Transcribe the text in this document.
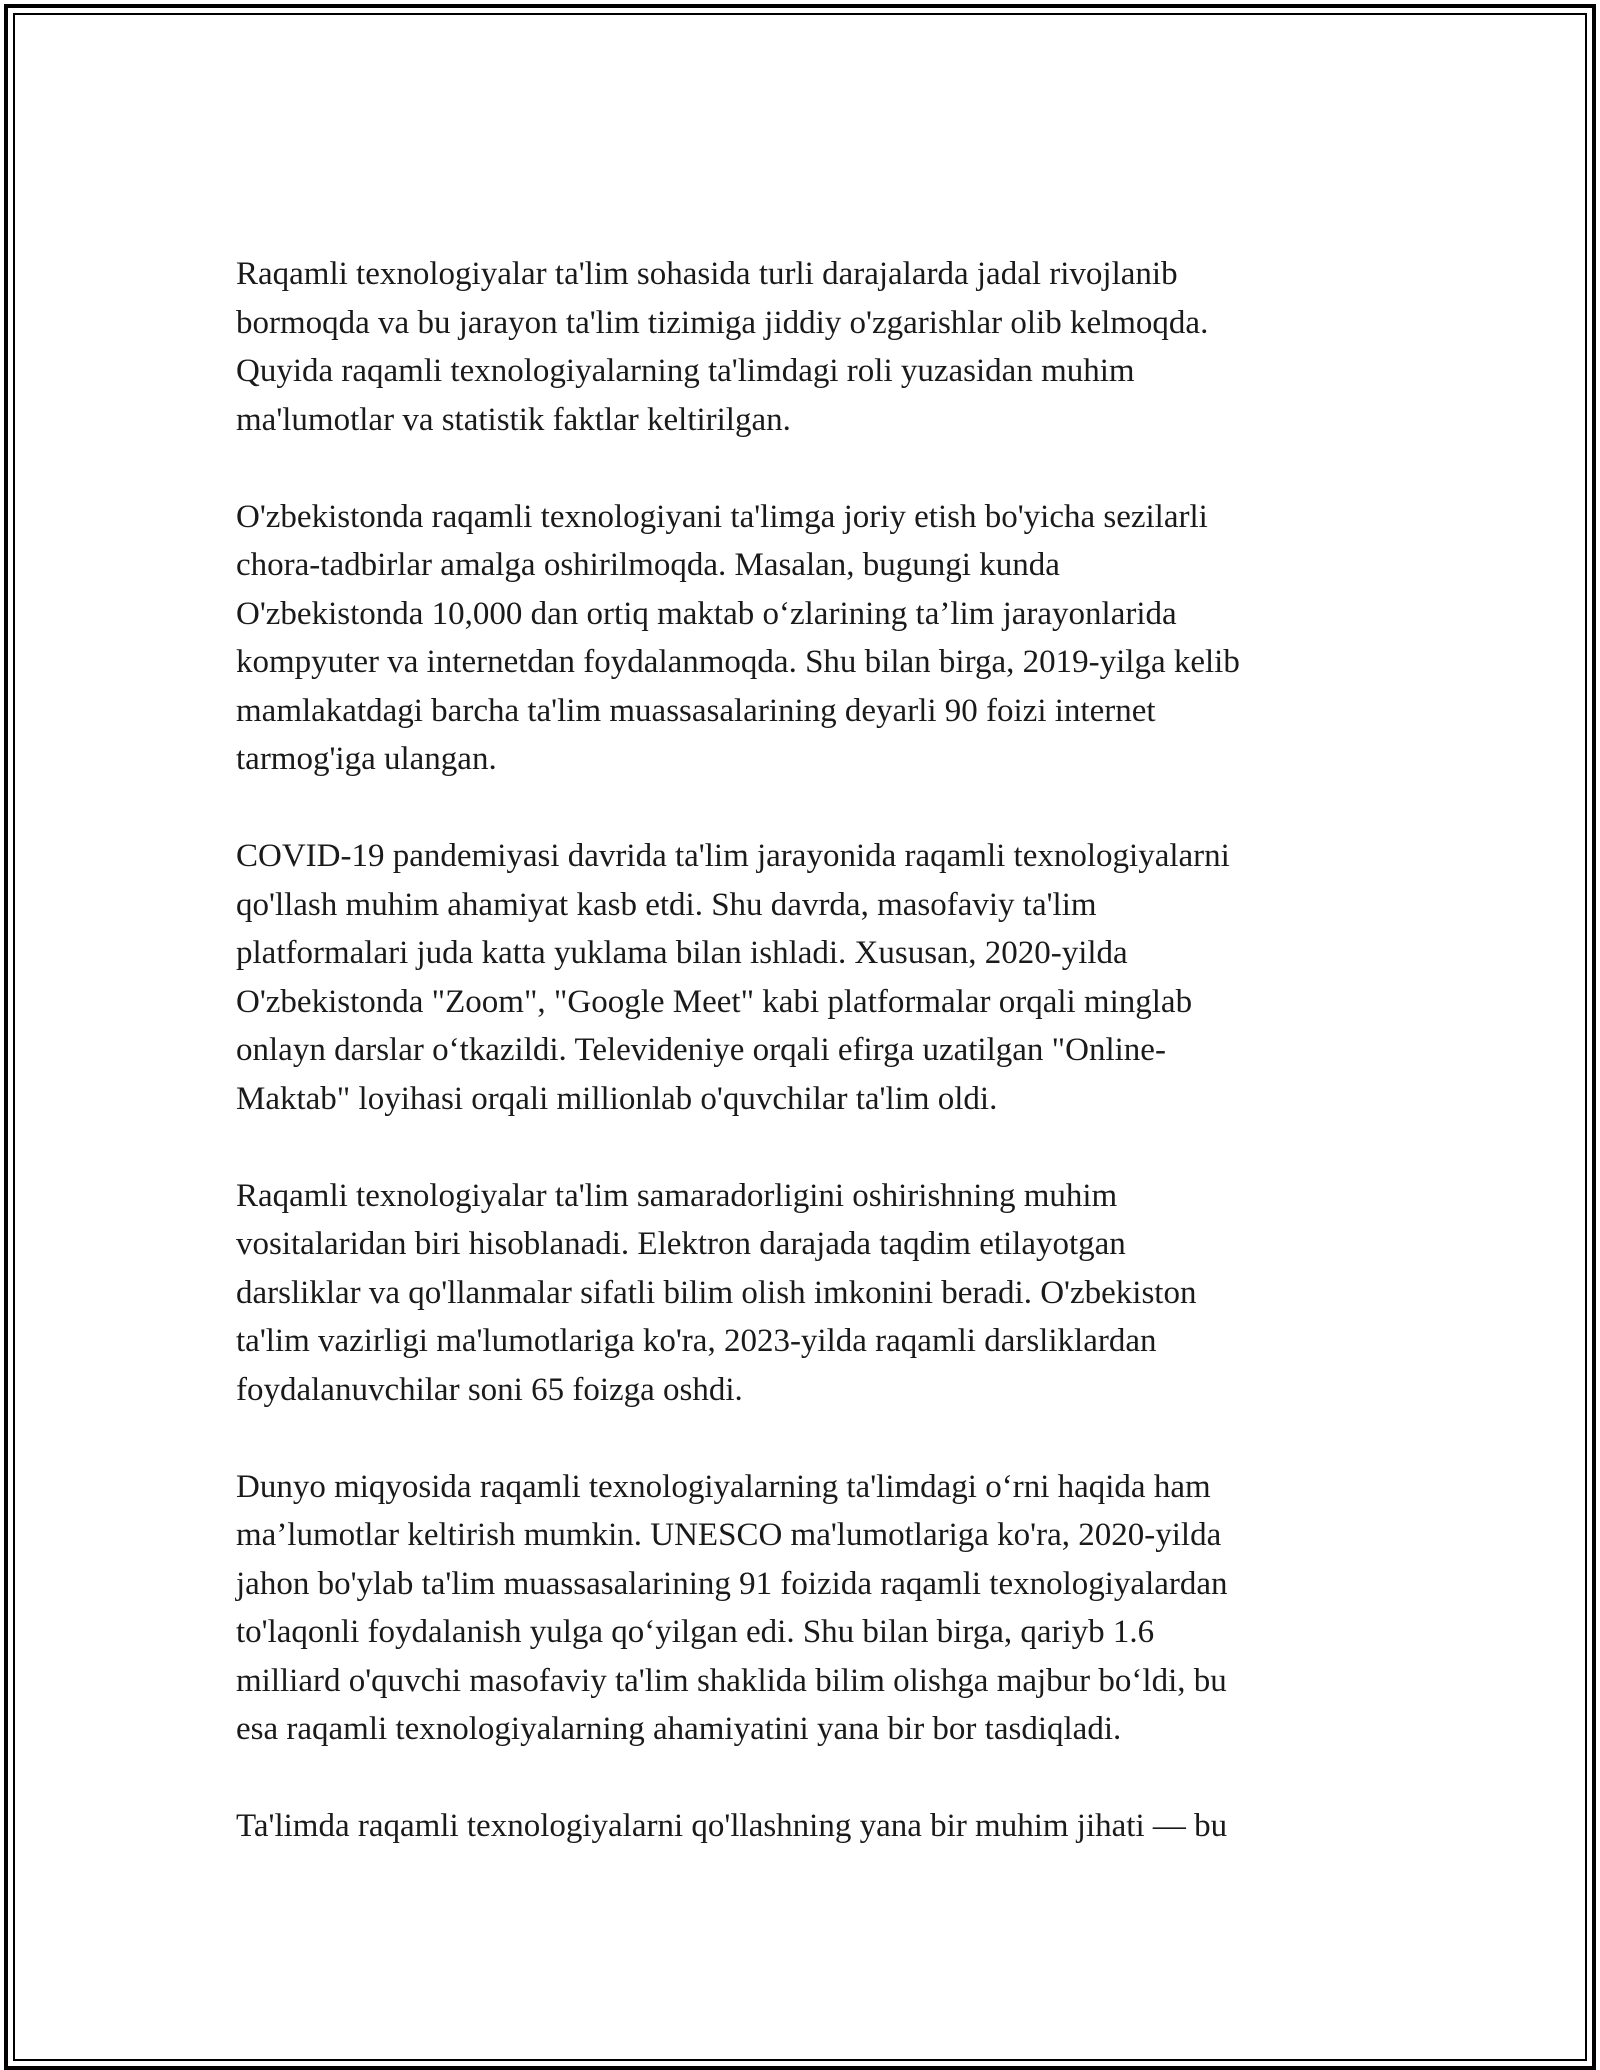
Raqamli texnologiyalar ta'lim sohasida turli darajalarda jadal rivojlanib
bormoqda va bu jarayon ta'lim tizimiga jiddiy o'zgarishlar olib kelmoqda.
Quyida raqamli texnologiyalarning ta'limdagi roli yuzasidan muhim
ma'lumotlar va statistik faktlar keltirilgan.

O'zbekistonda raqamli texnologiyani ta'limga joriy etish bo'yicha sezilarli
chora-tadbirlar amalga oshirilmoqda. Masalan, bugungi kunda
O'zbekistonda 10,000 dan ortiq maktab o‘zlarining ta’lim jarayonlarida
kompyuter va internetdan foydalanmoqda. Shu bilan birga, 2019-yilga kelib
mamlakatdagi barcha ta'lim muassasalarining deyarli 90 foizi internet
tarmog'iga ulangan.

COVID-19 pandemiyasi davrida ta'lim jarayonida raqamli texnologiyalarni
qo'llash muhim ahamiyat kasb etdi. Shu davrda, masofaviy ta'lim
platformalari juda katta yuklama bilan ishladi. Xususan, 2020-yilda
O'zbekistonda "Zoom", "Google Meet" kabi platformalar orqali minglab
onlayn darslar o‘tkazildi. Televideniye orqali efirga uzatilgan "Online-
Maktab" loyihasi orqali millionlab o'quvchilar ta'lim oldi.

Raqamli texnologiyalar ta'lim samaradorligini oshirishning muhim
vositalaridan biri hisoblanadi. Elektron darajada taqdim etilayotgan
darsliklar va qo'llanmalar sifatli bilim olish imkonini beradi. O'zbekiston
ta'lim vazirligi ma'lumotlariga ko'ra, 2023-yilda raqamli darsliklardan
foydalanuvchilar soni 65 foizga oshdi.

Dunyo miqyosida raqamli texnologiyalarning ta'limdagi o‘rni haqida ham
ma’lumotlar keltirish mumkin. UNESCO ma'lumotlariga ko'ra, 2020-yilda
jahon bo'ylab ta'lim muassasalarining 91 foizida raqamli texnologiyalardan
to'laqonli foydalanish yulga qo‘yilgan edi. Shu bilan birga, qariyb 1.6
milliard o'quvchi masofaviy ta'lim shaklida bilim olishga majbur bo‘ldi, bu
esa raqamli texnologiyalarning ahamiyatini yana bir bor tasdiqladi.

Ta'limda raqamli texnologiyalarni qo'llashning yana bir muhim jihati — bu
